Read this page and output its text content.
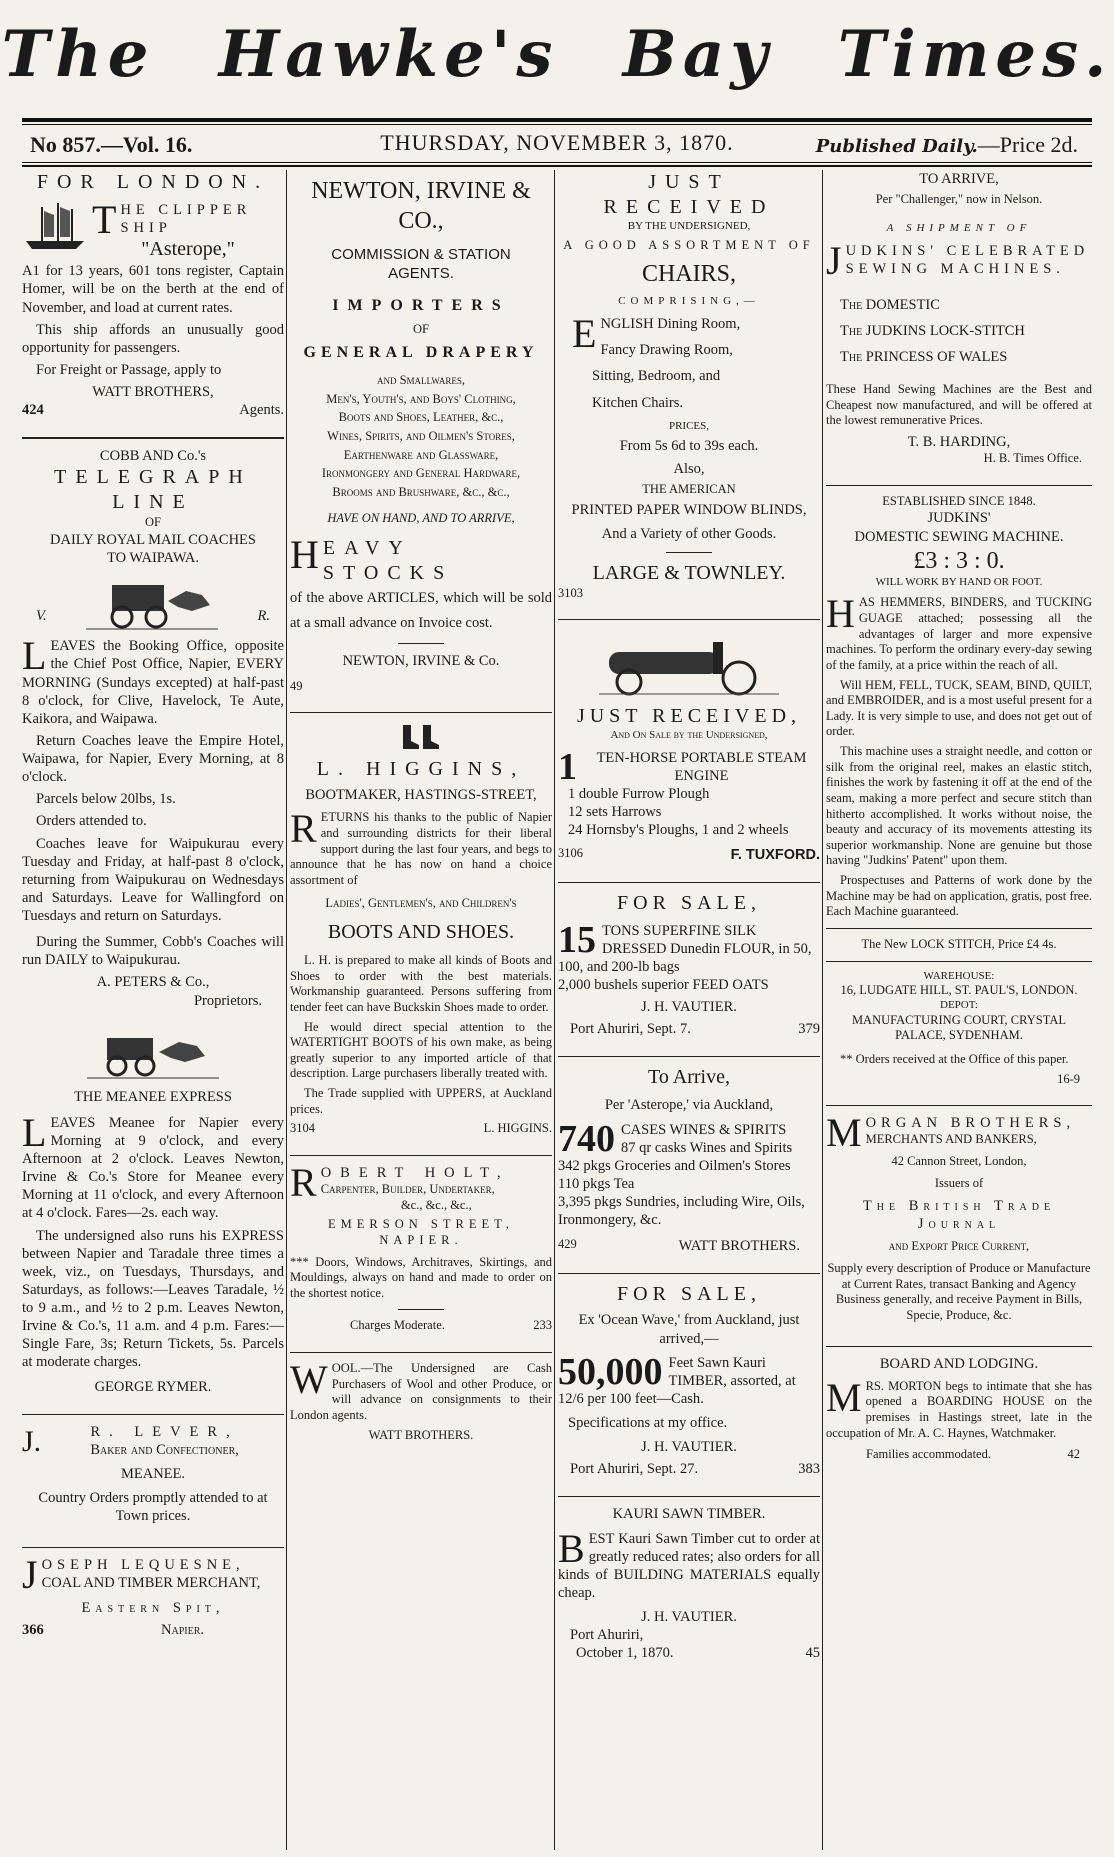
The Hawke's Bay Times.
No 857.—Vol. 16.	THURSDAY, NOVEMBER 3, 1870.	Published Daily.—Price 2d.
FOR LONDON.
THE CLIPPER SHIP
"Asterope,"

A1 for 13 years, 601 tons register, Captain Homer, will be on the berth at the end of November, and load at current rates.

This ship affords an unusually good opportunity for passengers.

For Freight or Passage, apply to

WATT BROTHERS,
424	Agents.
COBB AND Co.'s
TELEGRAPH LINE
OF
DAILY ROYAL MAIL COACHES
TO WAIPAWA.
V.	R.

LEAVES the Booking Office, opposite the Chief Post Office, Napier, EVERY MORNING (Sundays excepted) at half-past 8 o'clock, for Clive, Havelock, Te Aute, Kaikora, and Waipawa.

Return Coaches leave the Empire Hotel, Waipawa, for Napier, Every Morning, at 8 o'clock.

Parcels below 20lbs, 1s.

Orders attended to.

Coaches leave for Waipukurau every Tuesday and Friday, at half-past 8 o'clock, returning from Waipukurau on Wednesdays and Saturdays. Leave for Wallingford on Tuesdays and return on Saturdays.

During the Summer, Cobb's Coaches will run DAILY to Waipukurau.

A. PETERS & Co.,
Proprietors.
THE MEANEE EXPRESS

LEAVES Meanee for Napier every Morning at 9 o'clock, and every Afternoon at 2 o'clock. Leaves Newton, Irvine & Co.'s Store for Meanee every Morning at 11 o'clock, and every Afternoon at 4 o'clock. Fares—2s. each way.

The undersigned also runs his EXPRESS between Napier and Taradale three times a week, viz., on Tuesdays, Thursdays, and Saturdays, as follows:—Leaves Taradale, ½ to 9 a.m., and ½ to 2 p.m. Leaves Newton, Irvine & Co.'s, 11 a.m. and 4 p.m. Fares:—Single Fare, 3s; Return Tickets, 5s. Parcels at moderate charges.

GEORGE RYMER.
J.	R. LEVER,
Baker and Confectioner,
MEANEE.

Country Orders promptly attended to at Town prices.

JOSEPH LEQUESNE,
COAL AND TIMBER MERCHANT,
Eastern Spit,
366	Napier.
NEWTON, IRVINE & CO.,
COMMISSION & STATION
AGENTS.
IMPORTERS
OF
GENERAL DRAPERY
and Smallwares,
Men's, Youth's, and Boys' Clothing,
Boots and Shoes, Leather, &c.,
Wines, Spirits, and Oilmen's Stores,
Earthenware and Glassware,
Ironmongery and General Hardware,
Brooms and Brushware, &c., &c.,
HAVE ON HAND, AND TO ARRIVE,
HEAVY STOCKS

of the above ARTICLES, which will be sold at a small advance on Invoice cost.

NEWTON, IRVINE & Co.
49
L. HIGGINS,
BOOTMAKER, HASTINGS-STREET,

RETURNS his thanks to the public of Napier and surrounding districts for their liberal support during the last four years, and begs to announce that he has now on hand a choice assortment of

Ladies', Gentlemen's, and Children's
BOOTS AND SHOES.

L. H. is prepared to make all kinds of Boots and Shoes to order with the best materials. Workmanship guaranteed. Persons suffering from tender feet can have Buckskin Shoes made to order.

He would direct special attention to the WATERTIGHT BOOTS of his own make, as being greatly superior to any imported article of that description. Large purchasers liberally treated with.

The Trade supplied with UPPERS, at Auckland prices.

3104	L. HIGGINS.
ROBERT HOLT,
Carpenter, Builder, Undertaker,
&c., &c., &c.,
EMERSON STREET, NAPIER.

*** Doors, Windows, Architraves, Skirtings, and Mouldings, always on hand and made to order on the shortest notice.

Charges Moderate.	233

WOOL.—The Undersigned are Cash Purchasers of Wool and other Produce, or will advance on consignments to their London agents.

WATT BROTHERS.
JUST RECEIVED
BY THE UNDERSIGNED,
A GOOD ASSORTMENT OF
CHAIRS,
COMPRISING,—
ENGLISH Dining Room,
Fancy Drawing Room,
Sitting, Bedroom, and
Kitchen Chairs.
PRICES,
From 5s 6d to 39s each.
Also,
THE AMERICAN
PRINTED PAPER WINDOW BLINDS,
And a Variety of other Goods.
LARGE & TOWNLEY.
3103
JUST RECEIVED,
And On Sale by the Undersigned,
1	TEN-HORSE PORTABLE STEAM ENGINE
1 double Furrow Plough
12 sets Harrows
24 Hornsby's Ploughs, 1 and 2 wheels
3106	F. TUXFORD.
FOR SALE,
15 TONS SUPERFINE SILK DRESSED Dunedin FLOUR, in 50, 100, and 200-lb bags
2,000 bushels superior FEED OATS
J. H. VAUTIER.
Port Ahuriri, Sept. 7.	379
To Arrive,
Per 'Asterope,' via Auckland,
740 CASES WINES & SPIRITS
87 qr casks Wines and Spirits
342 pkgs Groceries and Oilmen's Stores
110 pkgs Tea
3,395 pkgs Sundries, including Wire, Oils, Ironmongery, &c.
429	WATT BROTHERS.
FOR SALE,
Ex 'Ocean Wave,' from Auckland, just arrived,—
50,000 Feet Sawn Kauri TIMBER, assorted, at 12/6 per 100 feet—Cash.
Specifications at my office.
J. H. VAUTIER.
Port Ahuriri, Sept. 27.	383
KAURI SAWN TIMBER.

BEST Kauri Sawn Timber cut to order at greatly reduced rates; also orders for all kinds of BUILDING MATERIALS equally cheap.

J. H. VAUTIER.
Port Ahuriri,
October 1, 1870.	45
TO ARRIVE,
Per "Challenger," now in Nelson.
A SHIPMENT OF
JUDKINS' CELEBRATED SEWING MACHINES.
The DOMESTIC
The JUDKINS LOCK-STITCH
The PRINCESS OF WALES

These Hand Sewing Machines are the Best and Cheapest now manufactured, and will be offered at the lowest remunerative Prices.

T. B. HARDING,
H. B. Times Office.
ESTABLISHED SINCE 1848.
JUDKINS'
DOMESTIC SEWING MACHINE.
£3 : 3 : 0.
WILL WORK BY HAND OR FOOT.

HAS HEMMERS, BINDERS, and TUCKING GUAGE attached; possessing all the advantages of larger and more expensive machines. To perform the ordinary every-day sewing of the family, at a price within the reach of all.

Will HEM, FELL, TUCK, SEAM, BIND, QUILT, and EMBROIDER, and is a most useful present for a Lady. It is very simple to use, and does not get out of order.

This machine uses a straight needle, and cotton or silk from the original reel, makes an elastic stitch, finishes the work by fastening it off at the end of the seam, making a more perfect and secure stitch than hitherto accomplished. It works without noise, the beauty and accuracy of its movements attesting its superior workmanship. None are genuine but those having "Judkins' Patent" upon them.

Prospectuses and Patterns of work done by the Machine may be had on application, gratis, post free. Each Machine guaranteed.

The New LOCK STITCH, Price £4 4s.
WAREHOUSE:
16, LUDGATE HILL, ST. PAUL'S, LONDON.
DEPOT:
MANUFACTURING COURT, CRYSTAL PALACE, SYDENHAM.

** Orders received at the Office of this paper.

16-9
MORGAN BROTHERS,
MERCHANTS AND BANKERS,
42 Cannon Street, London,
Issuers of
The British Trade Journal
and Export Price Current,

Supply every description of Produce or Manufacture at Current Rates, transact Banking and Agency Business generally, and receive Payment in Bills, Specie, Produce, &c.

BOARD AND LODGING.

MRS. MORTON begs to intimate that she has opened a BOARDING HOUSE on the premises in Hastings street, late in the occupation of Mr. A. C. Haynes, Watchmaker.

Families accommodated.	42
